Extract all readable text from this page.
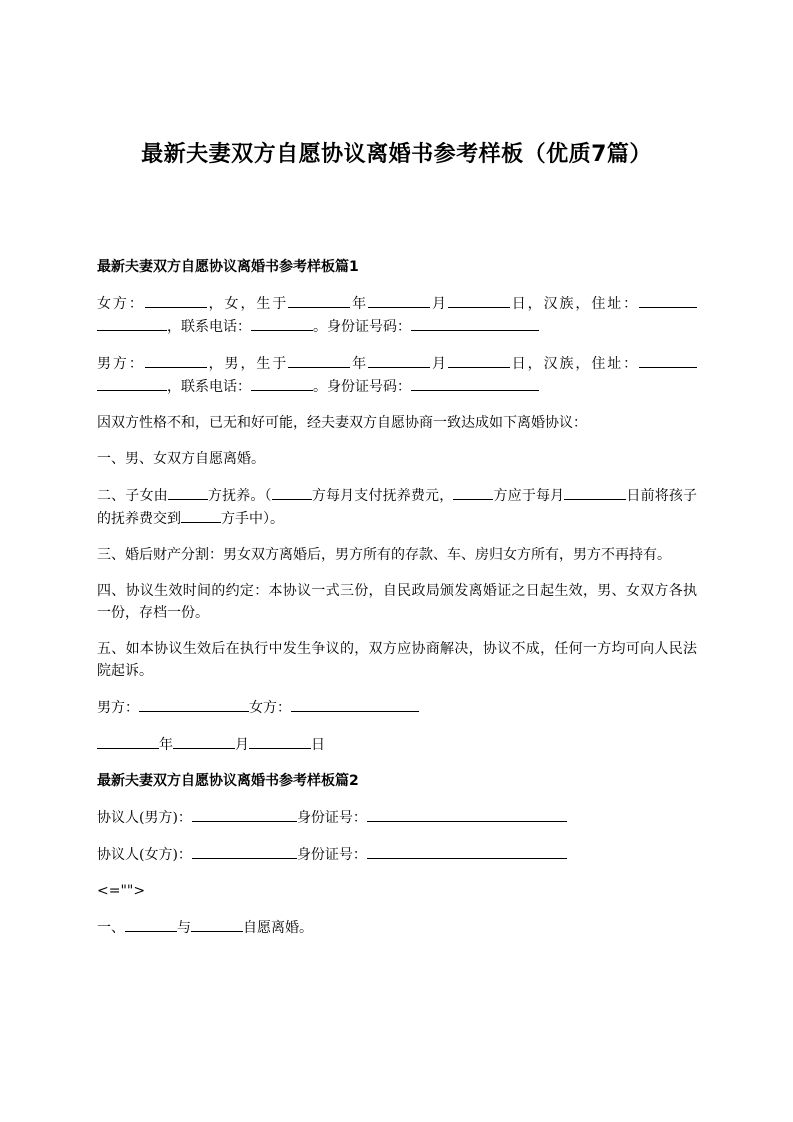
最新夫妻双方自愿协议离婚书参考样板（优质7篇）

最新夫妻双方自愿协议离婚书参考样板篇1

女方：	，女，生于	年	月	日，汉族，住址：，联系电话：	。身份证号码：

男方：	，男，生于	年	月	日，汉族，住址：，联系电话：	。身份证号码：

因双方性格不和，已无和好可能，经夫妻双方自愿协商一致达成如下离婚协议：

一、男、女双方自愿离婚。

二、子女由	方抚养。（	方每月支付抚养费元，	方应于每月	日前将孩子的抚养费交到	方手中）。

三、婚后财产分割：男女双方离婚后，男方所有的存款、车、房归女方所有，男方不再持有。

四、协议生效时间的约定：本协议一式三份，自民政局颁发离婚证之日起生效，男、女双方各执一份，存档一份。

五、如本协议生效后在执行中发生争议的，双方应协商解决，协议不成，任何一方均可向人民法院起诉。

男方：	女方：

年	月	日

最新夫妻双方自愿协议离婚书参考样板篇2

协议人(男方)：	身份证号：

协议人(女方)：	身份证号：

<="">

一、	与	自愿离婚。
